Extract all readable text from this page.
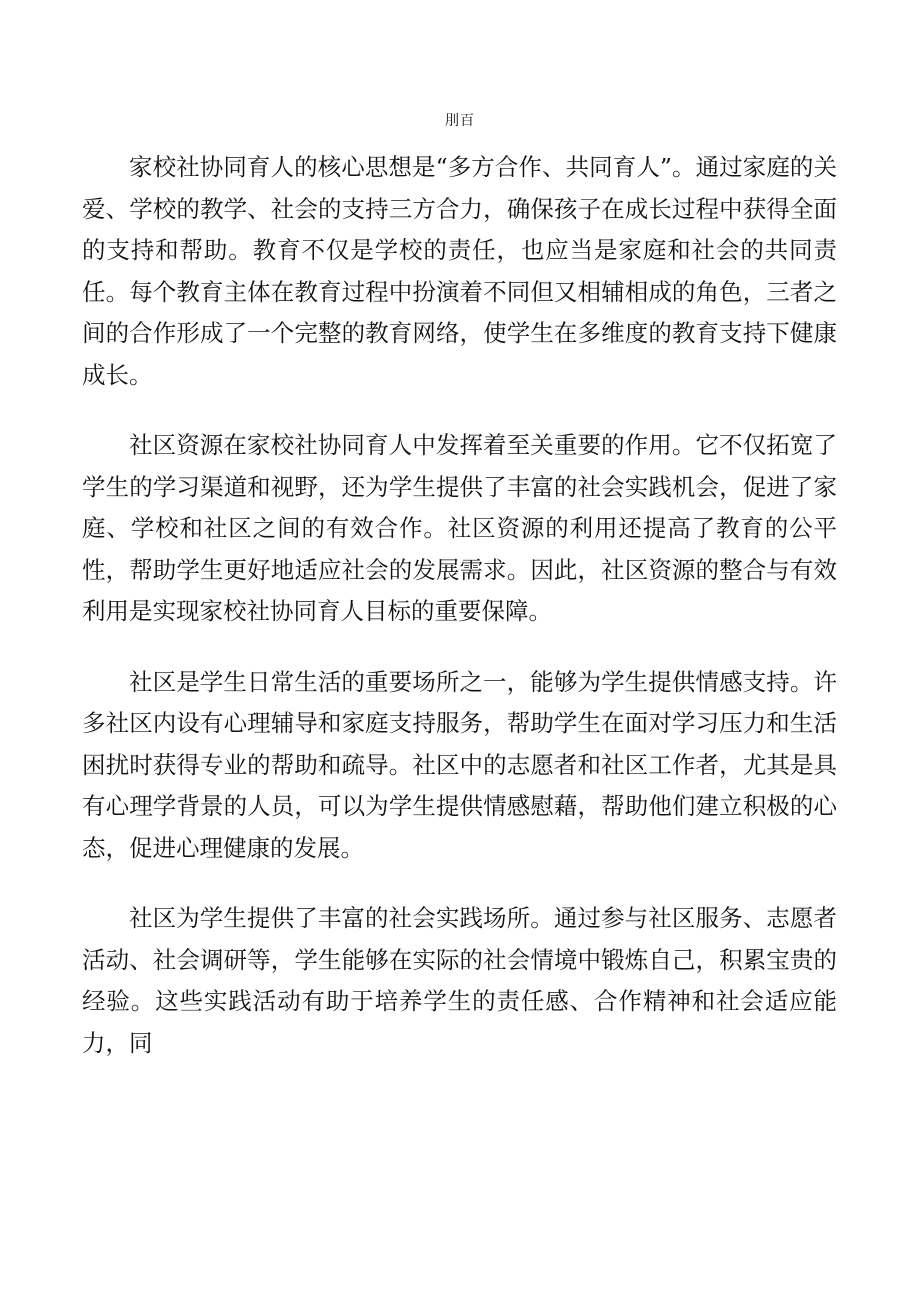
刖百

家校社协同育人的核心思想是“多方合作、共同育人”。通过家庭的关爱、学校的教学、社会的支持三方合力，确保孩子在成长过程中获得全面的支持和帮助。教育不仅是学校的责任，也应当是家庭和社会的共同责任。每个教育主体在教育过程中扮演着不同但又相辅相成的角色，三者之间的合作形成了一个完整的教育网络，使学生在多维度的教育支持下健康成长。

社区资源在家校社协同育人中发挥着至关重要的作用。它不仅拓宽了学生的学习渠道和视野，还为学生提供了丰富的社会实践机会，促进了家庭、学校和社区之间的有效合作。社区资源的利用还提高了教育的公平性，帮助学生更好地适应社会的发展需求。因此，社区资源的整合与有效利用是实现家校社协同育人目标的重要保障。

社区是学生日常生活的重要场所之一，能够为学生提供情感支持。许多社区内设有心理辅导和家庭支持服务，帮助学生在面对学习压力和生活困扰时获得专业的帮助和疏导。社区中的志愿者和社区工作者，尤其是具有心理学背景的人员，可以为学生提供情感慰藉，帮助他们建立积极的心态，促进心理健康的发展。

社区为学生提供了丰富的社会实践场所。通过参与社区服务、志愿者活动、社会调研等，学生能够在实际的社会情境中锻炼自己，积累宝贵的经验。这些实践活动有助于培养学生的责任感、合作精神和社会适应能力，同
